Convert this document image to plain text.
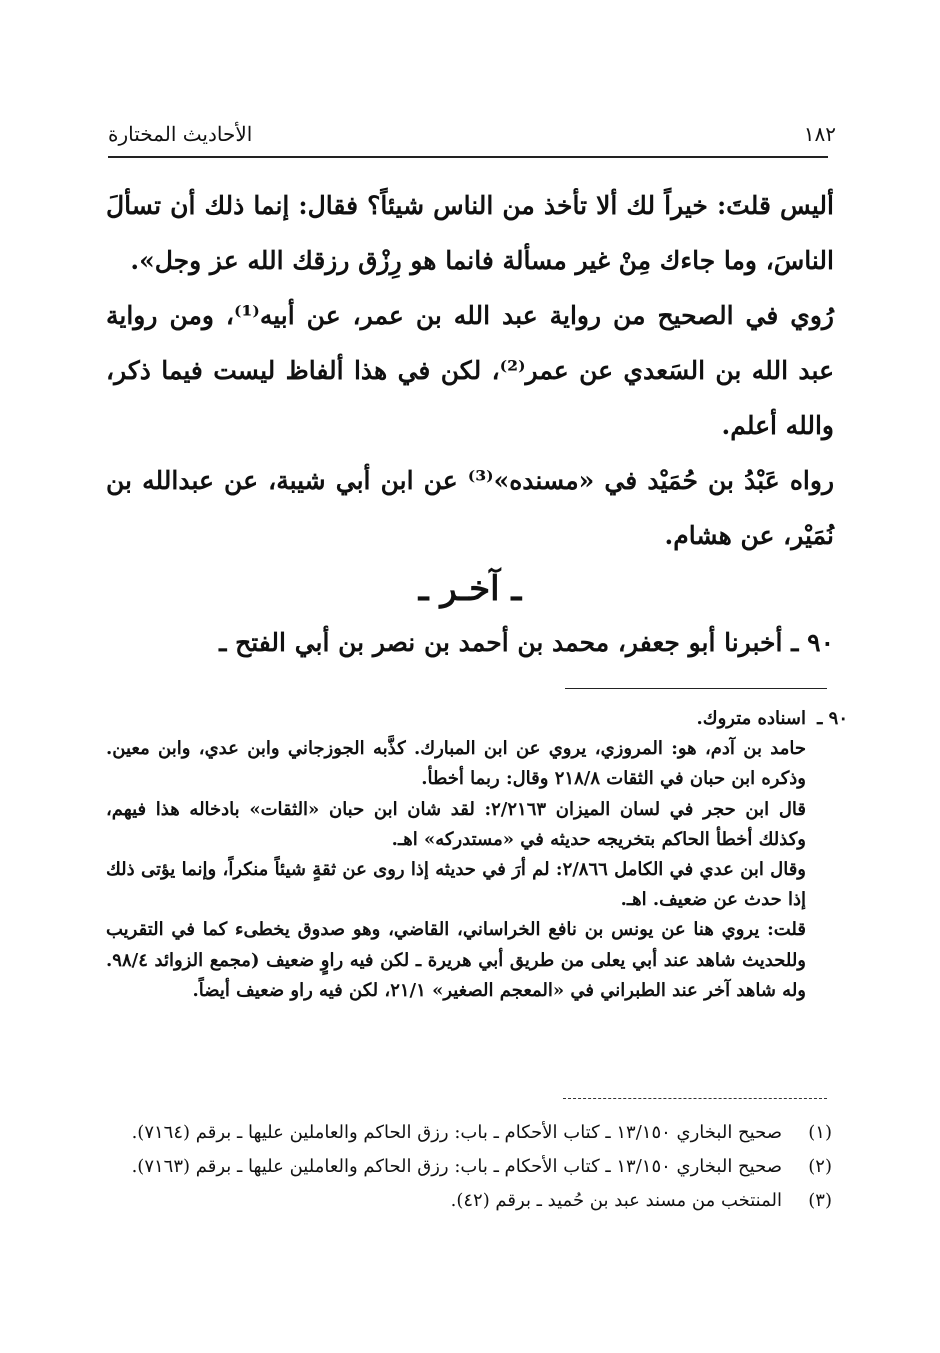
١٨٢
الأحاديث المختارة

أليس قلتَ: خيراً لك ألا تأخذ من الناس شيئاً؟ فقال: إنما ذلك أن تسألَ الناسَ، وما جاءك مِنْ غير مسألة فانما هو رِزْق رزقك الله عز وجل».

رُوي في الصحيح من رواية عبد الله بن عمر، عن أبيه⁽¹⁾، ومن رواية عبد الله بن السَعدي عن عمر⁽²⁾، لكن في هذا ألفاظ ليست فيما ذكر، والله أعلم.

رواه عَبْدُ بن حُمَيْد في «مسنده»⁽³⁾ عن ابن أبي شيبة، عن عبدالله بن نُمَيْر، عن هشام.

ـ آخـر ـ

٩٠ ـ أخبرنا أبو جعفر، محمد بن أحمد بن نصر بن أبي الفتح ـ

٩٠ ـ

اسناده متروك.

حامد بن آدم، هو: المروزي، يروي عن ابن المبارك. كذَّبه الجوزجاني وابن عدي، وابن معين. وذكره ابن حبان في الثقات ٢١٨/٨ وقال: ربما أخطأ.

قال ابن حجر في لسان الميزان ٢/٢١٦٣: لقد شان ابن حبان «الثقات» بادخاله هذا فيهم، وكذلك أخطأ الحاكم بتخريجه حديثه في «مستدركه» اهـ.

وقال ابن عدي في الكامل ٢/٨٦٦: لم أرَ في حديثه إذا روى عن ثقةٍ شيئاً منكراً، وإنما يؤتى ذلك إذا حدث عن ضعيف. اهـ.

قلت: يروي هنا عن يونس بن نافع الخراساني، القاضي، وهو صدوق يخطىء كما في التقريب وللحديث شاهد عند أبي يعلى من طريق أبي هريرة ـ لكن فيه راوٍ ضعيف (مجمع الزوائد ٩٨/٤. وله شاهد آخر عند الطبراني في «المعجم الصغير» ٢١/١، لكن فيه راو ضعيف أيضاً.

(١)
صحيح البخاري ١٣/١٥٠ ـ كتاب الأحكام ـ باب: رزق الحاكم والعاملين عليها ـ برقم (٧١٦٤).
(٢)
صحيح البخاري ١٣/١٥٠ ـ كتاب الأحكام ـ باب: رزق الحاكم والعاملين عليها ـ برقم (٧١٦٣).
(٣)
المنتخب من مسند عبد بن حُميد ـ برقم (٤٢).
